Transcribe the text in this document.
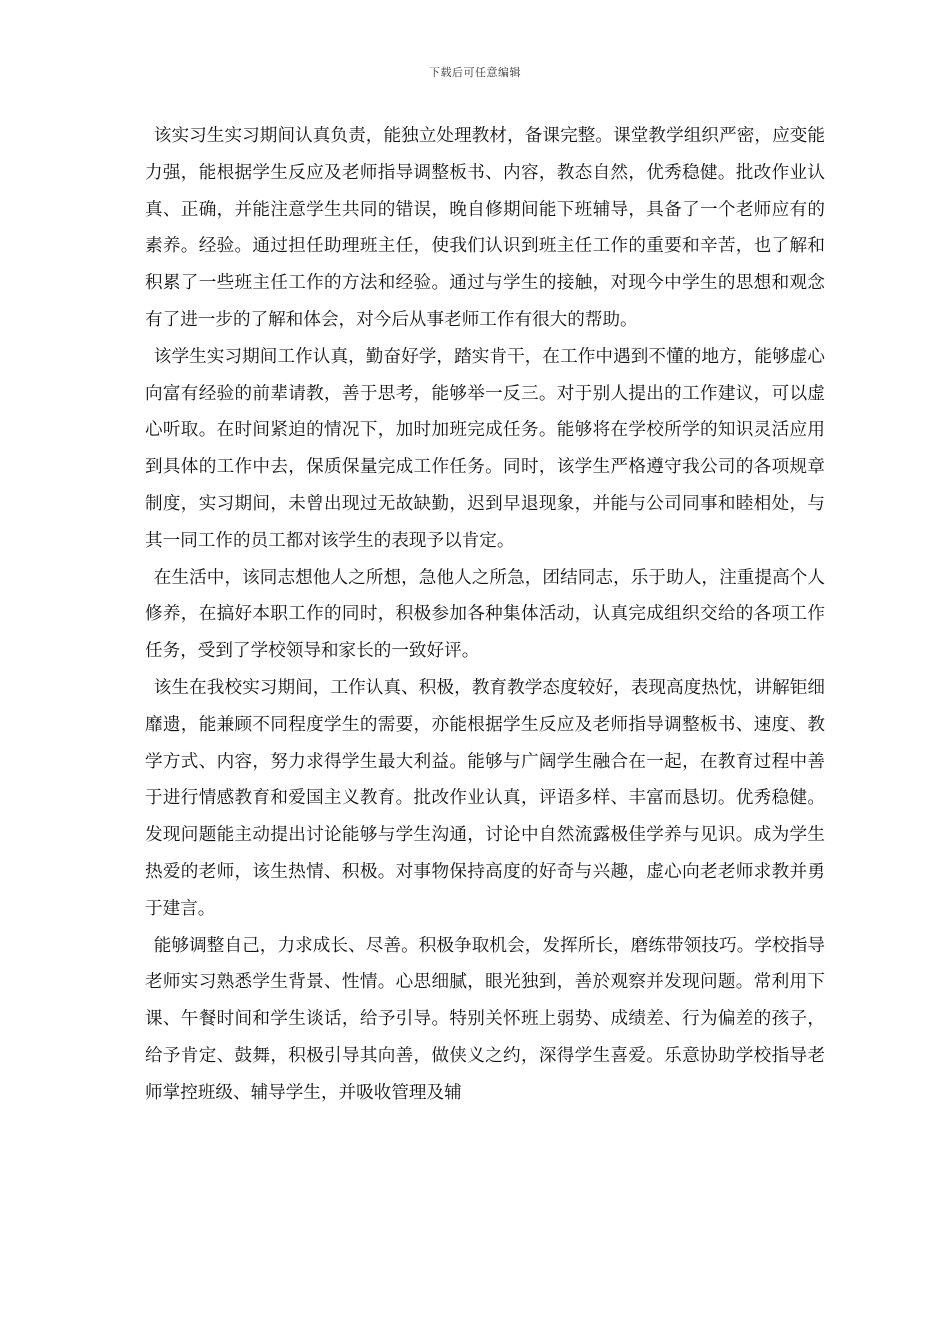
下载后可任意编辑

该实习生实习期间认真负责，能独立处理教材，备课完整。课堂教学组织严密，应变能力强，能根据学生反应及老师指导调整板书、内容，教态自然，优秀稳健。批改作业认真、正确，并能注意学生共同的错误，晚自修期间能下班辅导，具备了一个老师应有的素养。经验。通过担任助理班主任，使我们认识到班主任工作的重要和辛苦，也了解和积累了一些班主任工作的方法和经验。通过与学生的接触，对现今中学生的思想和观念有了进一步的了解和体会，对今后从事老师工作有很大的帮助。

该学生实习期间工作认真，勤奋好学，踏实肯干，在工作中遇到不懂的地方，能够虚心向富有经验的前辈请教，善于思考，能够举一反三。对于别人提出的工作建议，可以虚心听取。在时间紧迫的情况下，加时加班完成任务。能够将在学校所学的知识灵活应用到具体的工作中去，保质保量完成工作任务。同时，该学生严格遵守我公司的各项规章制度，实习期间，未曾出现过无故缺勤，迟到早退现象，并能与公司同事和睦相处，与其一同工作的员工都对该学生的表现予以肯定。

在生活中，该同志想他人之所想，急他人之所急，团结同志，乐于助人，注重提高个人修养，在搞好本职工作的同时，积极参加各种集体活动，认真完成组织交给的各项工作任务，受到了学校领导和家长的一致好评。

该生在我校实习期间，工作认真、积极，教育教学态度较好，表现高度热忱，讲解钜细靡遗，能兼顾不同程度学生的需要，亦能根据学生反应及老师指导调整板书、速度、教学方式、内容，努力求得学生最大利益。能够与广阔学生融合在一起，在教育过程中善于进行情感教育和爱国主义教育。批改作业认真，评语多样、丰富而恳切。优秀稳健。发现问题能主动提出讨论能够与学生沟通，讨论中自然流露极佳学养与见识。成为学生热爱的老师，该生热情、积极。对事物保持高度的好奇与兴趣，虚心向老老师求教并勇于建言。

能够调整自己，力求成长、尽善。积极争取机会，发挥所长，磨练带领技巧。学校指导老师实习熟悉学生背景、性情。心思细腻，眼光独到，善於观察并发现问题。常利用下课、午餐时间和学生谈话，给予引导。特别关怀班上弱势、成绩差、行为偏差的孩子，给予肯定、鼓舞，积极引导其向善，做侠义之约，深得学生喜爱。乐意协助学校指导老师掌控班级、辅导学生，并吸收管理及辅
